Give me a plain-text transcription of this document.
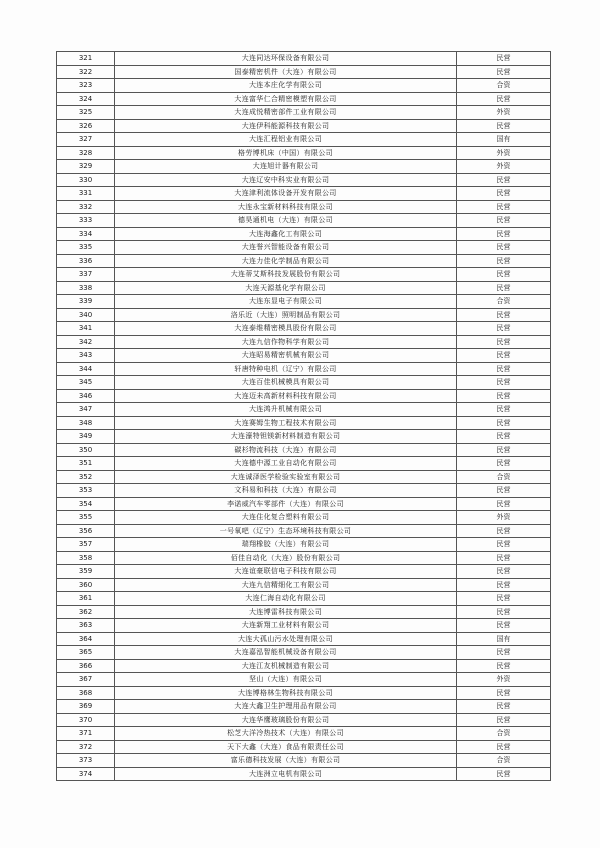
321	大连同达环保设备有限公司	民营
322	国泰精密机件（大连）有限公司	民营
323	大连本庄化学有限公司	合资
324	大连富华仁合精密模塑有限公司	民营
325	大连成悦精密部件工业有限公司	外资
326	大连伊科能源科技有限公司	民营
327	大连汇程铝业有限公司	国有
328	格劳博机床（中国）有限公司	外资
329	大连旭计器有限公司	外资
330	大连辽安中科实业有限公司	民营
331	大连津利流体设备开发有限公司	民营
332	大连永宝新材料科技有限公司	民营
333	德昊通机电（大连）有限公司	民营
334	大连海鑫化工有限公司	民营
335	大连誉兴智能设备有限公司	民营
336	大连力佳化学制品有限公司	民营
337	大连蒂艾斯科技发展股份有限公司	民营
338	大连天源基化学有限公司	民营
339	大连东显电子有限公司	合资
340	洛乐近（大连）照明制品有限公司	民营
341	大连泰维精密模具股份有限公司	民营
342	大连九信作物科学有限公司	民营
343	大连昭易精密机械有限公司	民营
344	轩唐特种电机（辽宁）有限公司	民营
345	大连百佳机械模具有限公司	民营
346	大连迈未高新材料科技有限公司	民营
347	大连鸿升机械有限公司	民营
348	大连赛姆生物工程技术有限公司	民营
349	大连濠特钽镁新材料制造有限公司	民营
350	碳杉物流科技（大连）有限公司	民营
351	大连德中源工业自动化有限公司	民营
352	大连诚泽医学检验实验室有限公司	合资
353	文科易和科技（大连）有限公司	民营
354	李诺威汽车零部件（大连）有限公司	民营
355	大连住化复合塑料有限公司	外资
356	一号氧吧（辽宁）生态环境科技有限公司	民营
357	瑞翔橡胶（大连）有限公司	民营
358	佰佳自动化（大连）股份有限公司	民营
359	大连谊豪联信电子科技有限公司	民营
360	大连九信精细化工有限公司	民营
361	大连仁海自动化有限公司	民营
362	大连博雷科技有限公司	民营
363	大连新翔工业材料有限公司	民营
364	大连大孤山污水处理有限公司	国有
365	大连嘉泓智能机械设备有限公司	民营
366	大连江友机械制造有限公司	民营
367	坚山（大连）有限公司	外资
368	大连博格林生物科技有限公司	民营
369	大连大鑫卫生护理用品有限公司	民营
370	大连华鹰玻璃股份有限公司	民营
371	松芝大洋冷热技术（大连）有限公司	合资
372	天下大鑫（大连）食品有限责任公司	民营
373	富乐德科技发展（大连）有限公司	合资
374	大连洲立电机有限公司	民营
